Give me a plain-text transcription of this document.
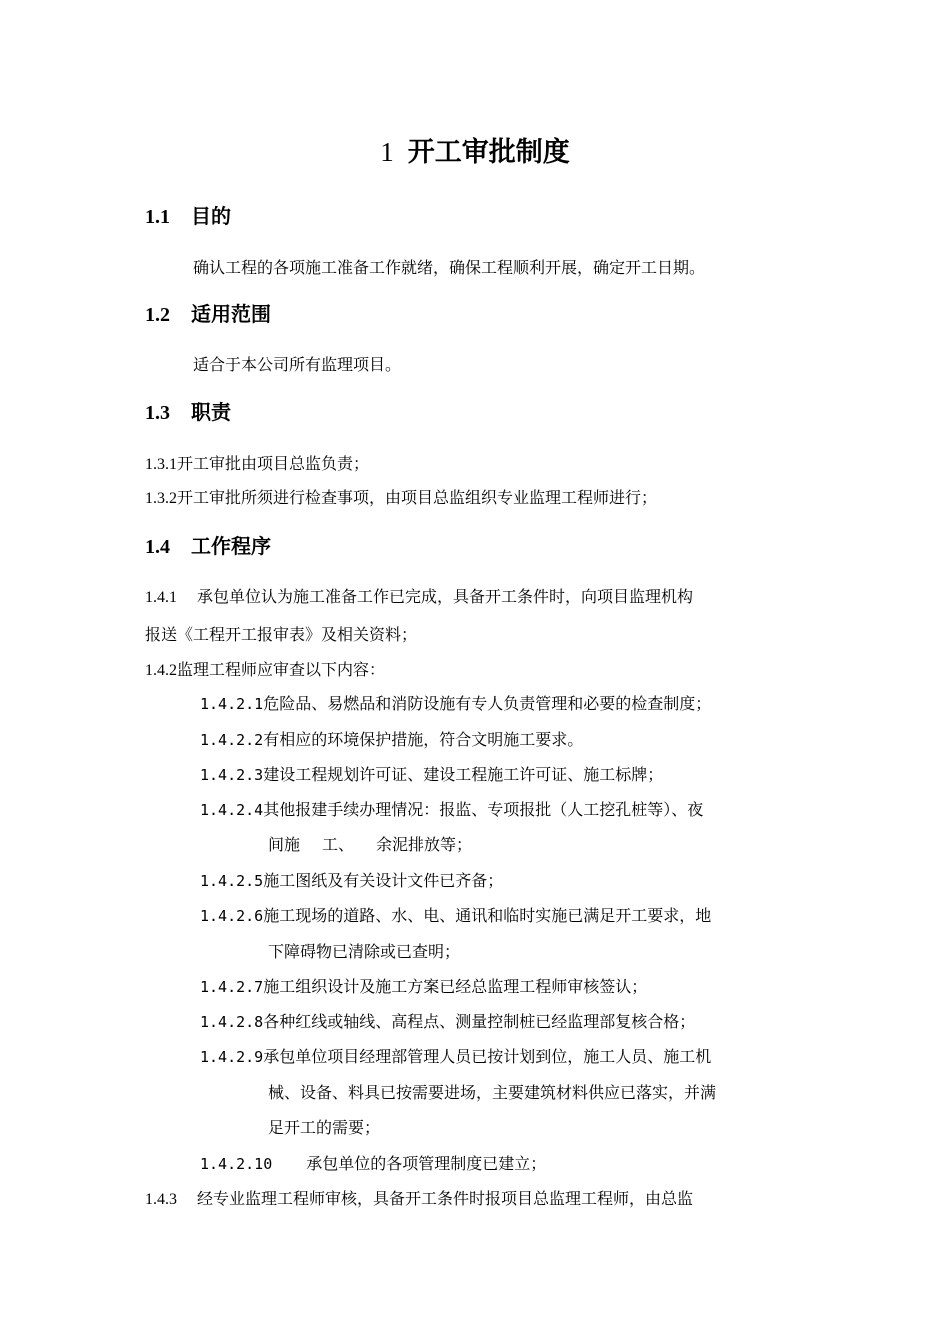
1 开工审批制度
1.1 目的
确认工程的各项施工准备工作就绪，确保工程顺利开展，确定开工日期。
1.2 适用范围
适合于本公司所有监理项目。
1.3 职责
1.3.1开工审批由项目总监负责；
1.3.2开工审批所须进行检查事项，由项目总监组织专业监理工程师进行；
1.4 工作程序
1.4.1 承包单位认为施工准备工作已完成，具备开工条件时，向项目监理机构
报送《工程开工报审表》及相关资料；
1.4.2监理工程师应审查以下内容：
1.4.2.1危险品、易燃品和消防设施有专人负责管理和必要的检查制度；
1.4.2.2有相应的环境保护措施，符合文明施工要求。
1.4.2.3建设工程规划许可证、建设工程施工许可证、施工标牌；
1.4.2.4其他报建手续办理情况：报监、专项报批（人工挖孔桩等）、夜
间施 工、 余泥排放等；
1.4.2.5施工图纸及有关设计文件已齐备；
1.4.2.6施工现场的道路、水、电、通讯和临时实施已满足开工要求，地
下障碍物已清除或已查明；
1.4.2.7施工组织设计及施工方案已经总监理工程师审核签认；
1.4.2.8各种红线或轴线、高程点、测量控制桩已经监理部复核合格；
1.4.2.9承包单位项目经理部管理人员已按计划到位，施工人员、施工机
械、设备、料具已按需要进场，主要建筑材料供应已落实，并满
足开工的需要；
1.4.2.10 承包单位的各项管理制度已建立；
1.4.3 经专业监理工程师审核，具备开工条件时报项目总监理工程师，由总监
